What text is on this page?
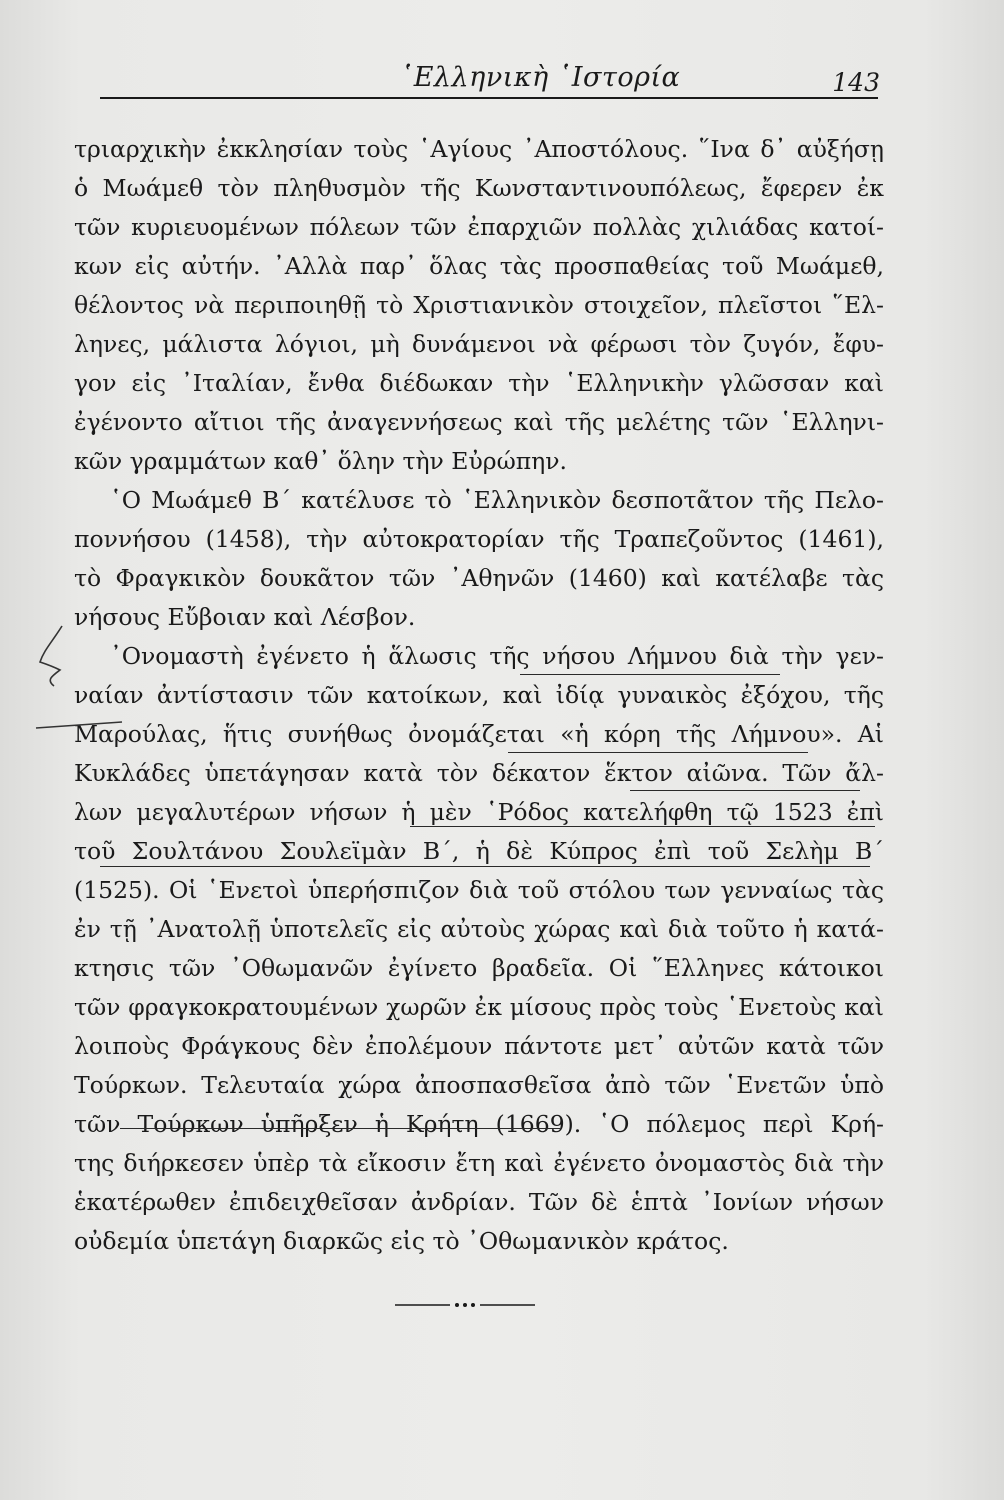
῾Ελληνικὴ ῾Ιστορία	143
τριαρχικὴν ἐκκλησίαν τοὺς ῾Αγίους ᾿Αποστόλους. ῞Ινα δ᾿ αὐξήσῃ
ὁ Μωάμεθ τὸν πληθυσμὸν τῆς Κωνσταντινουπόλεως, ἔφερεν ἐκ
τῶν κυριευομένων πόλεων τῶν ἐπαρχιῶν πολλὰς χιλιάδας κατοί-
κων εἰς αὐτήν. ᾿Αλλὰ παρ᾿ ὅλας τὰς προσπαθείας τοῦ Μωάμεθ,
θέλοντος νὰ περιποιηθῇ τὸ Χριστιανικὸν στοιχεῖον, πλεῖστοι ῞Ελ-
ληνες, μάλιστα λόγιοι, μὴ δυνάμενοι νὰ φέρωσι τὸν ζυγόν, ἔφυ-
γον εἰς ᾿Ιταλίαν, ἔνθα διέδωκαν τὴν ῾Ελληνικὴν γλῶσσαν καὶ
ἐγένοντο αἴτιοι τῆς ἀναγεννήσεως καὶ τῆς μελέτης τῶν ῾Ελληνι-
κῶν γραμμάτων καθ᾿ ὅλην τὴν Εὐρώπην.
῾Ο Μωάμεθ Β΄ κατέλυσε τὸ ῾Ελληνικὸν δεσποτᾶτον τῆς Πελο-
ποννήσου (1458), τὴν αὐτοκρατορίαν τῆς Τραπεζοῦντος (1461),
τὸ Φραγκικὸν δουκᾶτον τῶν ᾿Αθηνῶν (1460) καὶ κατέλαβε τὰς
νήσους Εὔβοιαν καὶ Λέσβον.
᾿Ονομαστὴ ἐγένετο ἡ ἅλωσις τῆς νήσου Λήμνου διὰ τὴν γεν-
ναίαν ἀντίστασιν τῶν κατοίκων, καὶ ἰδίᾳ γυναικὸς ἐξόχου, τῆς
Μαρούλας, ἥτις συνήθως ὀνομάζεται «ἡ κόρη τῆς Λήμνου». Αἱ
Κυκλάδες ὑπετάγησαν κατὰ τὸν δέκατον ἕκτον αἰῶνα. Τῶν ἄλ-
λων μεγαλυτέρων νήσων ἡ μὲν ῾Ρόδος κατελήφθη τῷ 1523 ἐπὶ
τοῦ Σουλτάνου Σουλεϊμὰν Β΄, ἡ δὲ Κύπρος ἐπὶ τοῦ Σελὴμ Β΄
(1525). Οἱ ῾Ενετοὶ ὑπερήσπιζον διὰ τοῦ στόλου των γενναίως τὰς
ἐν τῇ ᾿Ανατολῇ ὑποτελεῖς εἰς αὐτοὺς χώρας καὶ διὰ τοῦτο ἡ κατά-
κτησις τῶν ᾿Οθωμανῶν ἐγίνετο βραδεῖα. Οἱ ῞Ελληνες κάτοικοι
τῶν φραγκοκρατουμένων χωρῶν ἐκ μίσους πρὸς τοὺς ῾Ενετοὺς καὶ
λοιποὺς Φράγκους δὲν ἐπολέμουν πάντοτε μετ᾿ αὐτῶν κατὰ τῶν
Τούρκων. Τελευταία χώρα ἀποσπασθεῖσα ἀπὸ τῶν ῾Ενετῶν ὑπὸ
τῶν Τούρκων ὑπῆρξεν ἡ Κρήτη (1669). ῾Ο πόλεμος περὶ Κρή-
της διήρκεσεν ὑπὲρ τὰ εἴκοσιν ἔτη καὶ ἐγένετο ὀνομαστὸς διὰ τὴν
ἑκατέρωθεν ἐπιδειχθεῖσαν ἀνδρίαν. Τῶν δὲ ἑπτὰ ᾿Ιονίων νήσων
οὐδεμία ὑπετάγη διαρκῶς εἰς τὸ ᾿Οθωμανικὸν κράτος.
